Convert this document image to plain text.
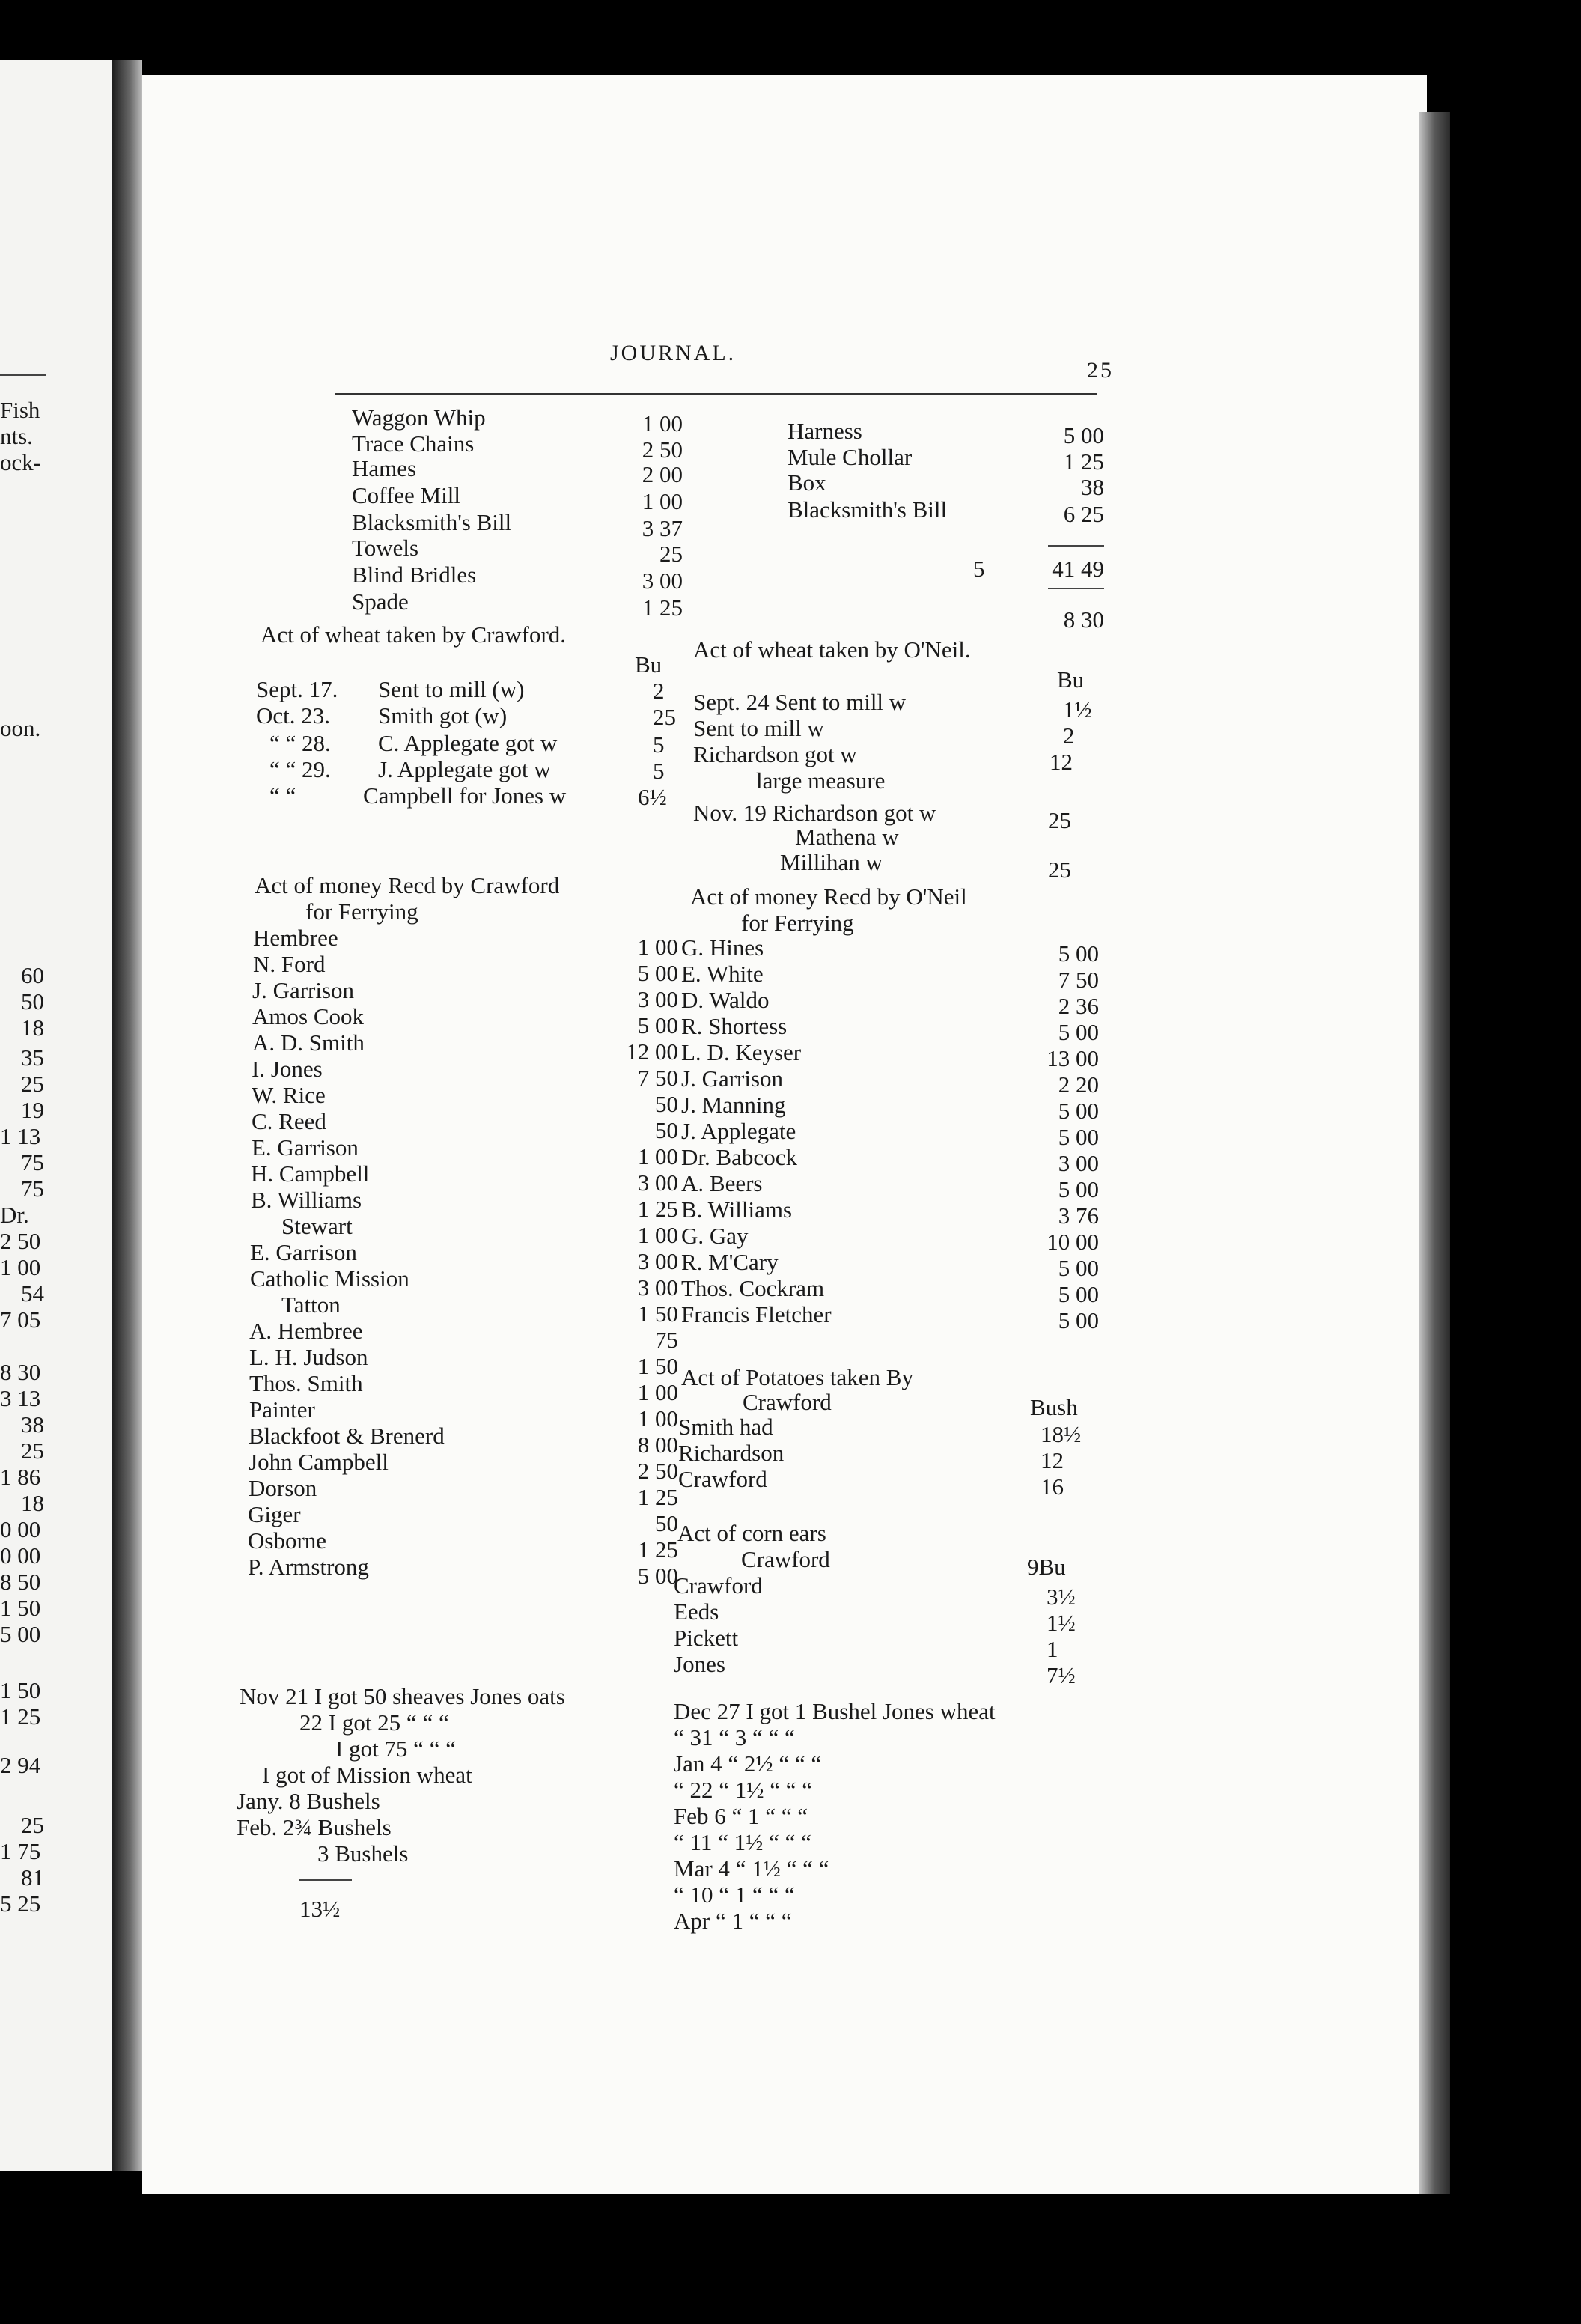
Fish
nts.
ock-
oon.
60
50
18
35
25
19
1 13
75
75
Dr.
2 50
1 00
54
7 05
8 30
3 13
38
25
1 86
18
0 00
0 00
8 50
1 50
5 00
1 50
1 25
2 94
25
1 75
81
5 25
JOURNAL.
25
Waggon Whip	1 00
Trace Chains	2 50
Hames	2 00
Coffee Mill	1 00
Blacksmith's Bill	3 37
Towels	25
Blind Bridles	3 00
Spade	1 25
Harness	5 00
Mule Chollar	1 25
Box	38
Blacksmith's Bill	6 25
5	41 49
8 30
Act of wheat taken by Crawford.
Bu
Sept. 17. Sent to mill (w)	2
Oct. 23. Smith got (w)	25
“ “ 28. C. Applegate got w	5
“ “ 29. J. Applegate got w	5
“ “	Campbell for Jones w	6½
Act of wheat taken by O'Neil.
Bu
Sept. 24 Sent to mill w	1½
Sent to mill w	2
Richardson got w	12
large measure
Nov. 19 Richardson got w	25
Mathena w
Millihan w	25
Act of money Recd by Crawford
for Ferrying
Hembree	1 00
N. Ford	5 00
J. Garrison	3 00
Amos Cook	5 00
A. D. Smith	12 00
I. Jones	7 50
W. Rice	50
C. Reed	50
E. Garrison	1 00
H. Campbell	3 00
B. Williams	1 25
Stewart	1 00
E. Garrison	3 00
Catholic Mission	3 00
Tatton	1 50
A. Hembree	75
L. H. Judson	1 50
Thos. Smith	1 00
Painter	1 00
Blackfoot & Brenerd	8 00
John Campbell	2 50
Dorson	1 25
Giger	50
Osborne	1 25
P. Armstrong	5 00
Act of money Recd by O'Neil
for Ferrying
G. Hines	5 00
E. White	7 50
D. Waldo	2 36
R. Shortess	5 00
L. D. Keyser	13 00
J. Garrison	2 20
J. Manning	5 00
J. Applegate	5 00
Dr. Babcock	3 00
A. Beers	5 00
B. Williams	3 76
G. Gay	10 00
R. M'Cary	5 00
Thos. Cockram	5 00
Francis Fletcher	5 00
Act of Potatoes taken By
Crawford	Bush
Smith had	18½
Richardson	12
Crawford	16
Act of corn ears
Crawford	9Bu
Crawford	3½
Eeds	1½
Pickett	1
Jones	7½
Nov 21 I got 50 sheaves Jones oats
22 I got 25 “ “ “
I got 75 “ “ “
I got of Mission wheat
Jany. 8 Bushels
Feb. 2¾ Bushels
3 Bushels
13½
Dec 27 I got 1 Bushel Jones wheat
“ 31 “ 3 “ “ “
Jan 4 “ 2½ “ “ “
“ 22 “ 1½ “ “ “
Feb 6 “ 1 “ “ “
“ 11 “ 1½ “ “ “
Mar 4 “ 1½ “ “ “
“ 10 “ 1 “ “ “
Apr “ 1 “ “ “
